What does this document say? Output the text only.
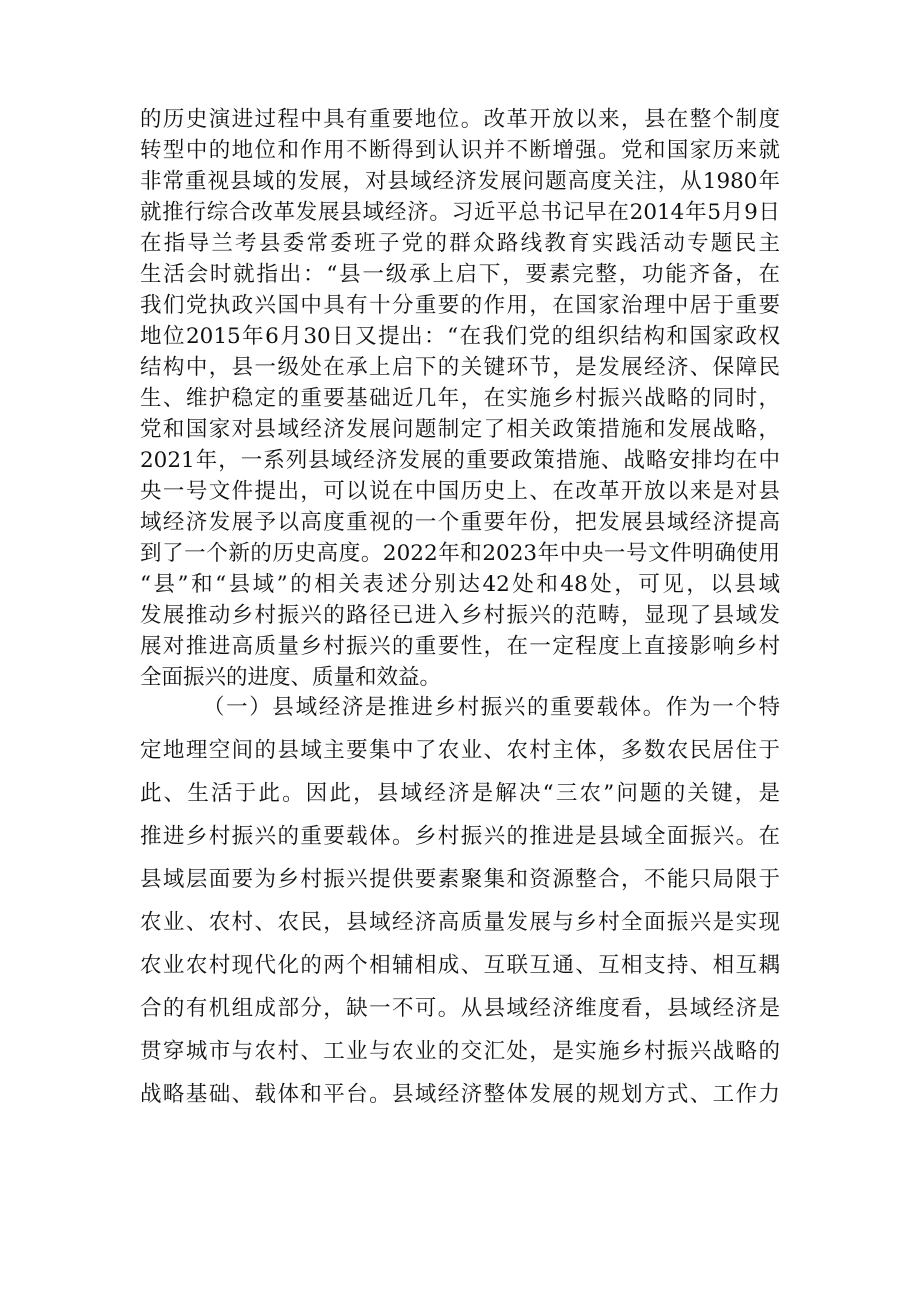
的历史演进过程中具有重要地位。改革开放以来，县在整个制度
转型中的地位和作用不断得到认识并不断增强。党和国家历来就
非常重视县域的发展，对县域经济发展问题高度关注，从1980年
就推行综合改革发展县域经济。习近平总书记早在2014年5月9日
在指导兰考县委常委班子党的群众路线教育实践活动专题民主
生活会时就指出：“县一级承上启下，要素完整，功能齐备，在
我们党执政兴国中具有十分重要的作用，在国家治理中居于重要
地位2015年6月30日又提出：“在我们党的组织结构和国家政权
结构中，县一级处在承上启下的关键环节，是发展经济、保障民
生、维护稳定的重要基础近几年，在实施乡村振兴战略的同时，
党和国家对县域经济发展问题制定了相关政策措施和发展战略，
2021年，一系列县域经济发展的重要政策措施、战略安排均在中
央一号文件提出，可以说在中国历史上、在改革开放以来是对县
域经济发展予以高度重视的一个重要年份，把发展县域经济提高
到了一个新的历史高度。2022年和2023年中央一号文件明确使用
“县”和“县域”的相关表述分别达42处和48处，可见，以县域
发展推动乡村振兴的路径已进入乡村振兴的范畴，显现了县域发
展对推进高质量乡村振兴的重要性，在一定程度上直接影响乡村
全面振兴的进度、质量和效益。
（一）县域经济是推进乡村振兴的重要载体。作为一个特
定地理空间的县域主要集中了农业、农村主体，多数农民居住于
此、生活于此。因此，县域经济是解决“三农”问题的关键，是
推进乡村振兴的重要载体。乡村振兴的推进是县域全面振兴。在
县域层面要为乡村振兴提供要素聚集和资源整合，不能只局限于
农业、农村、农民，县域经济高质量发展与乡村全面振兴是实现
农业农村现代化的两个相辅相成、互联互通、互相支持、相互耦
合的有机组成部分，缺一不可。从县域经济维度看，县域经济是
贯穿城市与农村、工业与农业的交汇处，是实施乡村振兴战略的
战略基础、载体和平台。县域经济整体发展的规划方式、工作力
